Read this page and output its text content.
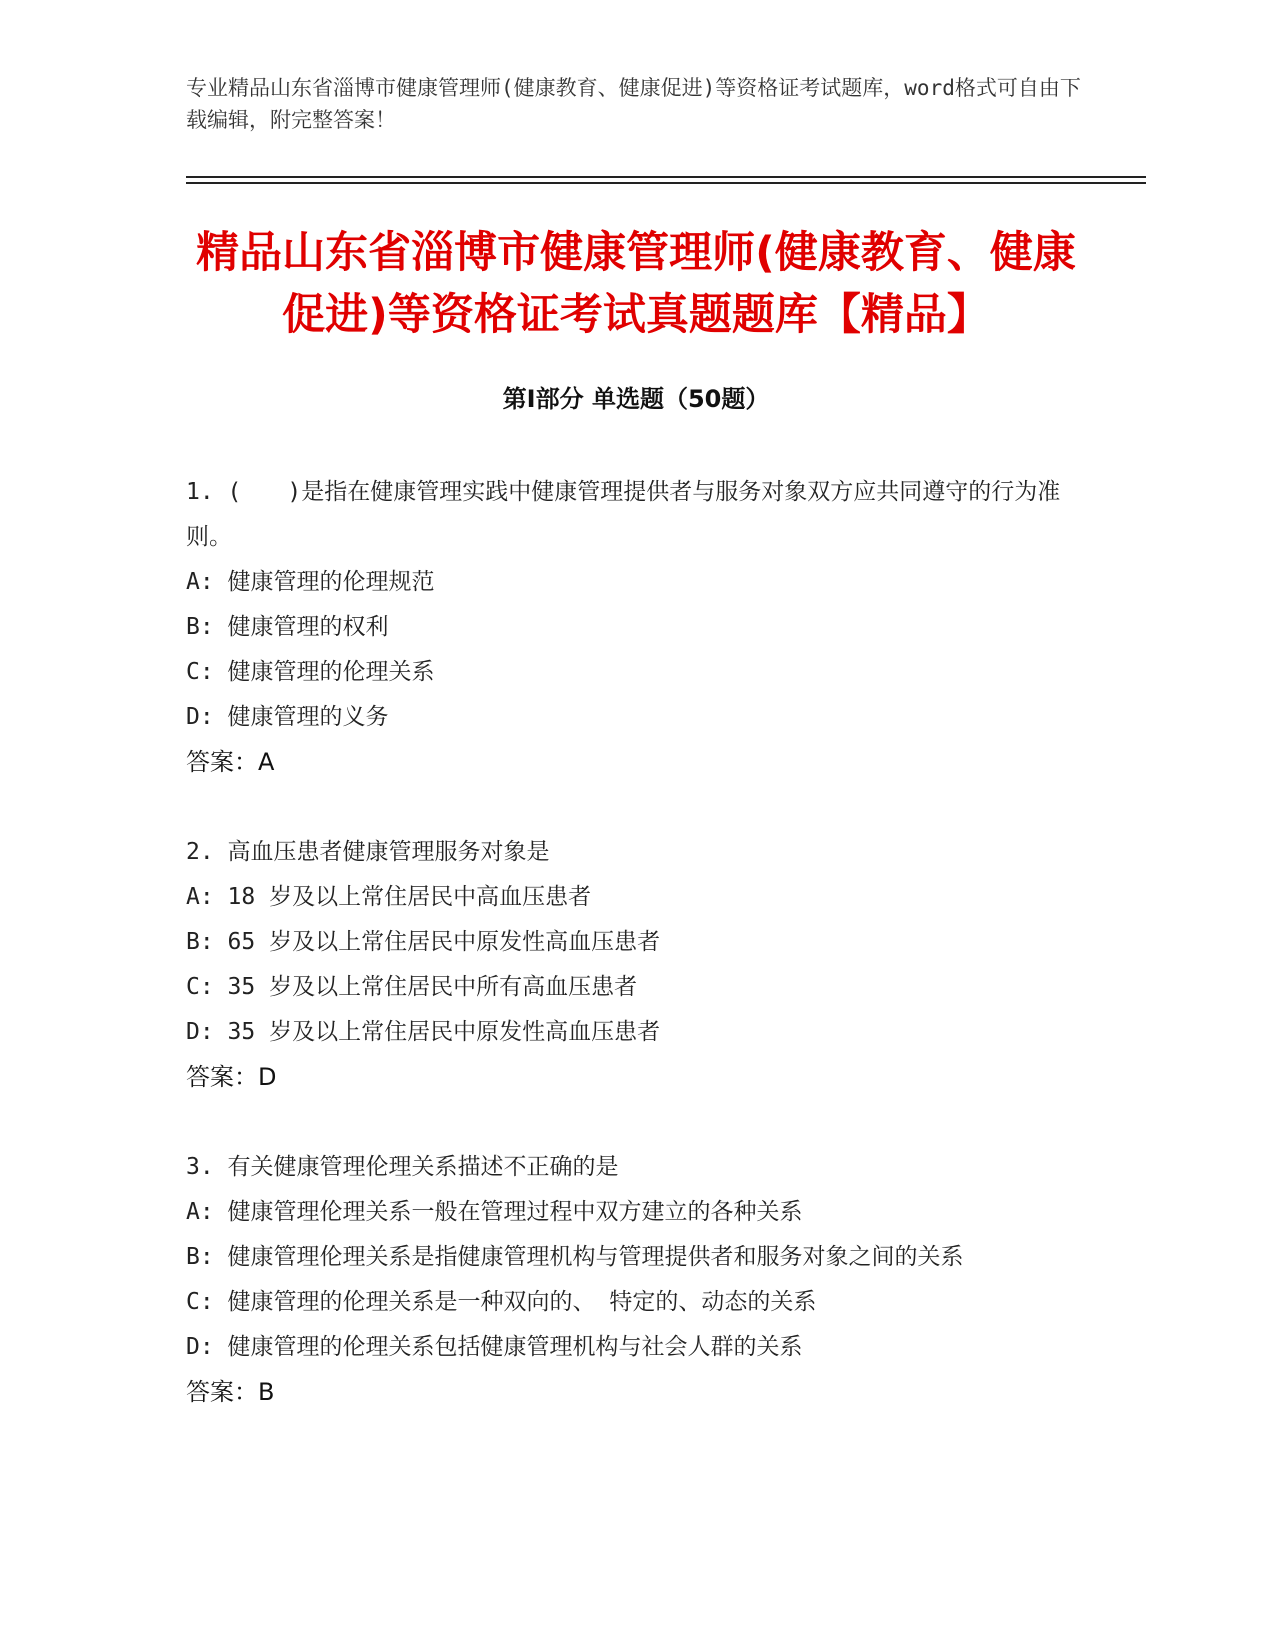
专业精品山东省淄博市健康管理师(健康教育、健康促进)等资格证考试题库，word格式可自由下载编辑，附完整答案！
精品山东省淄博市健康管理师(健康教育、健康促进)等资格证考试真题题库【精品】
第Ⅰ部分 单选题（50题）

1. (　　)是指在健康管理实践中健康管理提供者与服务对象双方应共同遵守的行为准则。

A: 健康管理的伦理规范

B: 健康管理的权利

C: 健康管理的伦理关系

D: 健康管理的义务

答案：A

2. 高血压患者健康管理服务对象是

A: 18 岁及以上常住居民中高血压患者

B: 65 岁及以上常住居民中原发性高血压患者

C: 35 岁及以上常住居民中所有高血压患者

D: 35 岁及以上常住居民中原发性高血压患者

答案：D

3. 有关健康管理伦理关系描述不正确的是

A: 健康管理伦理关系一般在管理过程中双方建立的各种关系

B: 健康管理伦理关系是指健康管理机构与管理提供者和服务对象之间的关系

C: 健康管理的伦理关系是一种双向的、 特定的、动态的关系

D: 健康管理的伦理关系包括健康管理机构与社会人群的关系

答案：B
